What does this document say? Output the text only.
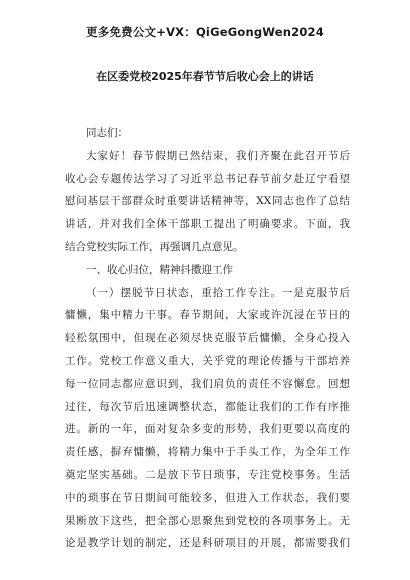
更多免费公文+VX：QiGeGongWen2024
在区委党校2025年春节节后收心会上的讲话

同志们：

大家好！春节假期已然结束，我们齐聚在此召开节后
收心会专题传达学习了习近平总书记春节前夕赴辽宁看望
慰问基层干部群众时重要讲话精神等，XX同志也作了总结
讲话，并对我们全体干部职工提出了明确要求。下面，我
结合党校实际工作，再强调几点意见。

一、收心归位，精神抖擞迎工作

（一）摆脱节日状态，重拾工作专注。一是克服节后
慵懒，集中精力干事。春节期间，大家或许沉浸在节日的
轻松氛围中，但现在必须尽快克服节后慵懒，全身心投入
工作。党校工作意义重大，关乎党的理论传播与干部培养
每一位同志都应意识到，我们肩负的责任不容懈怠。回想
过往，每次节后迅速调整状态，都能让我们的工作有序推
进。新的一年，面对复杂多变的形势，我们更要以高度的
责任感，摒弃慵懒，将精力集中于手头工作，为全年工作
奠定坚实基础。二是放下节日琐事，专注党校事务。生活
中的琐事在节日期间可能较多，但进入工作状态，我们要
果断放下这些，把全部心思聚焦到党校的各项事务上。无
论是教学计划的制定，还是科研项目的开展，都需要我们
